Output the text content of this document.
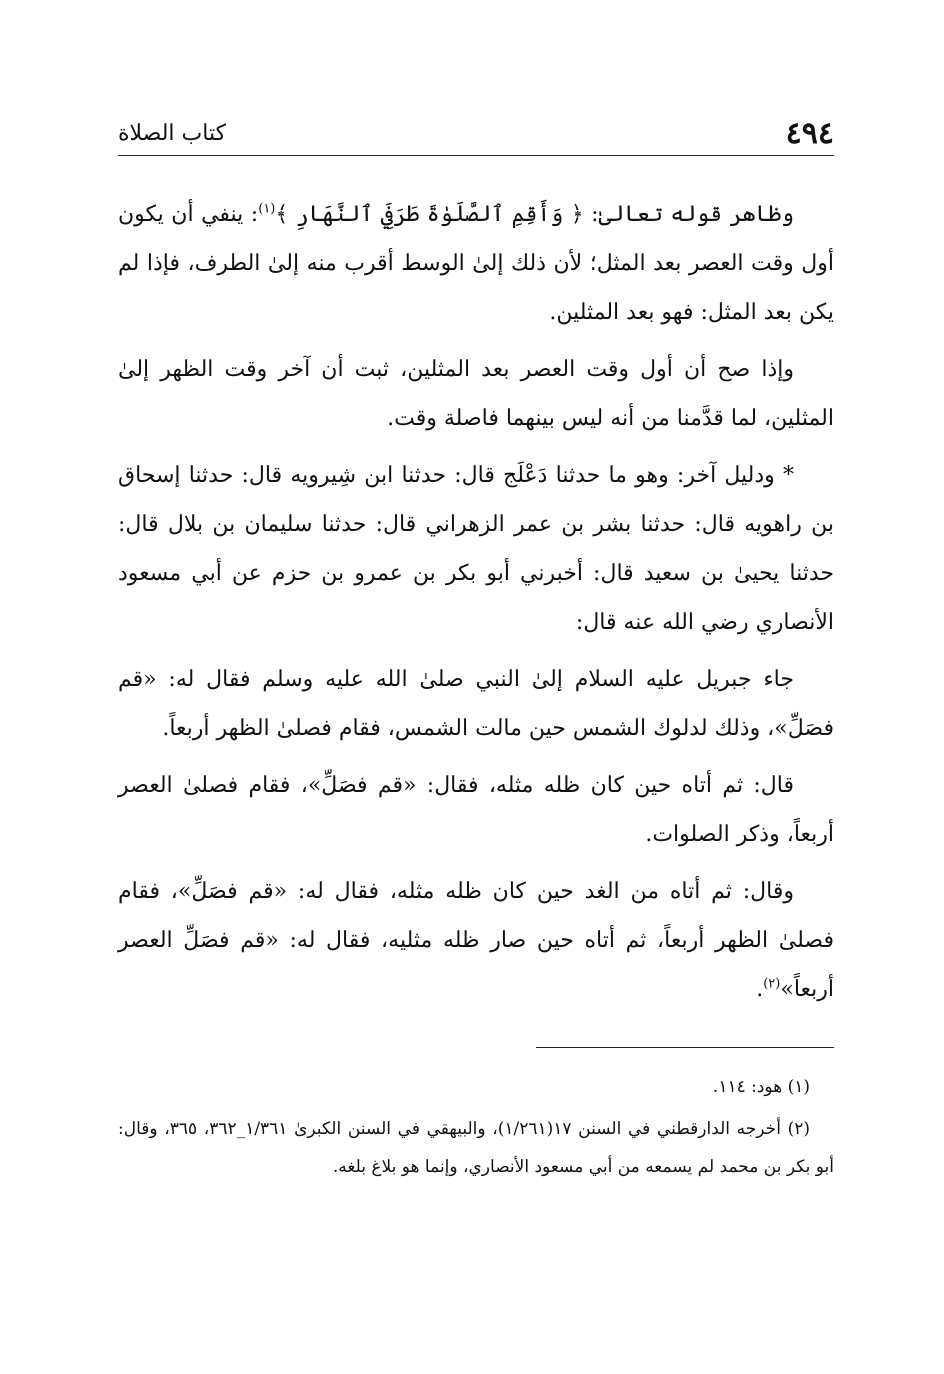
٤٩٤
كتاب الصلاة

وظاهر قوله تعالىٰ: ﴿ وَأَقِمِ ٱلصَّلَوٰةَ طَرَفَيِ ٱلنَّهَارِ ﴾$^{(١)}$: ينفي أن يكون أول وقت العصر بعد المثل؛ لأن ذلك إلىٰ الوسط أقرب منه إلىٰ الطرف، فإذا لم يكن بعد المثل: فهو بعد المثلين.

وإذا صح أن أول وقت العصر بعد المثلين، ثبت أن آخر وقت الظهر إلىٰ المثلين، لما قدَّمنا من أنه ليس بينهما فاصلة وقت.

* ودليل آخر: وهو ما حدثنا دَعْلَج قال: حدثنا ابن شِيرويه قال: حدثنا إسحاق بن راهويه قال: حدثنا بشر بن عمر الزهراني قال: حدثنا سليمان بن بلال قال: حدثنا يحيىٰ بن سعيد قال: أخبرني أبو بكر بن عمرو بن حزم عن أبي مسعود الأنصاري رضي الله عنه قال:

جاء جبريل عليه السلام إلىٰ النبي صلىٰ الله عليه وسلم فقال له: «قم فصَلِّ»، وذلك لدلوك الشمس حين مالت الشمس، فقام فصلىٰ الظهر أربعاً.

قال: ثم أتاه حين كان ظله مثله، فقال: «قم فصَلِّ»، فقام فصلىٰ العصر أربعاً، وذكر الصلوات.

وقال: ثم أتاه من الغد حين كان ظله مثله، فقال له: «قم فصَلِّ»، فقام فصلىٰ الظهر أربعاً، ثم أتاه حين صار ظله مثليه، فقال له: «قم فصَلِّ العصر أربعاً»$^{(٢)}$.

(١) هود: ١١٤.

(٢) أخرجه الدارقطني في السنن ١٧(١/٢٦١)، والبيهقي في السنن الكبرىٰ ١/٣٦١_٣٦٢، ٣٦٥، وقال: أبو بكر بن محمد لم يسمعه من أبي مسعود الأنصاري، وإنما هو بلاغ بلغه.
